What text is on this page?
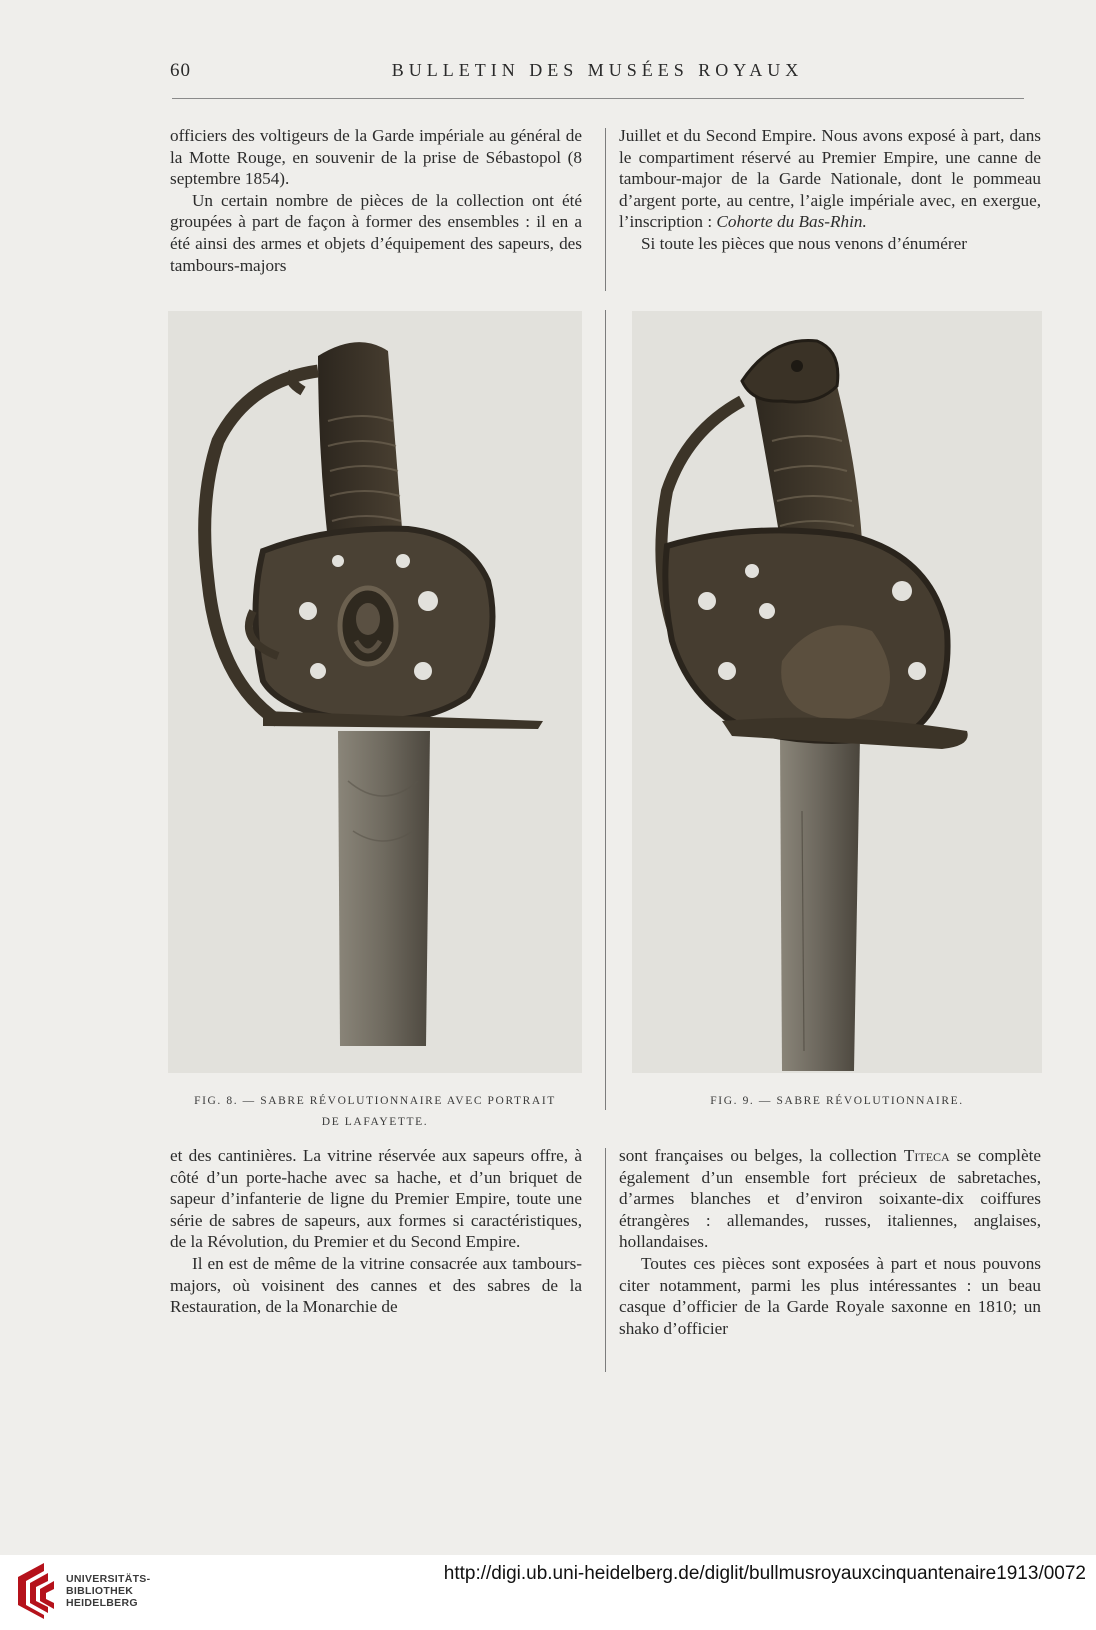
60	BULLETIN DES MUSÉES ROYAUX

officiers des voltigeurs de la Garde impériale au général de la Motte Rouge, en souvenir de la prise de Sébastopol (8 septembre 1854).

Un certain nombre de pièces de la collection ont été groupées à part de façon à former des ensembles : il en a été ainsi des armes et objets d’équipement des sapeurs, des tambours-majors

Juillet et du Second Empire. Nous avons exposé à part, dans le compartiment réservé au Premier Empire, une canne de tambour-major de la Garde Nationale, dont le pommeau d’argent porte, au centre, l’aigle impériale avec, en exergue, l’inscription : Cohorte du Bas-Rhin.

Si toute les pièces que nous venons d’énumérer

FIG. 8. — SABRE RÉVOLUTIONNAIRE AVEC PORTRAIT
DE LAFAYETTE.
FIG. 9. — SABRE RÉVOLUTIONNAIRE.

et des cantinières. La vitrine réservée aux sapeurs offre, à côté d’un porte-hache avec sa hache, et d’un briquet de sapeur d’infanterie de ligne du Premier Empire, toute une série de sabres de sapeurs, aux formes si caractéristiques, de la Révolution, du Premier et du Second Empire.

Il en est de même de la vitrine consacrée aux tambours-majors, où voisinent des cannes et des sabres de la Restauration, de la Monarchie de

sont françaises ou belges, la collection Titeca se complète également d’un ensemble fort précieux de sabretaches, d’armes blanches et d’environ soixante-dix coiffures étrangères : allemandes, russes, italiennes, anglaises, hollandaises.

Toutes ces pièces sont exposées à part et nous pouvons citer notamment, parmi les plus intéressantes : un beau casque d’officier de la Garde Royale saxonne en 1810; un shako d’officier

UNIVERSITÄTS-
BIBLIOTHEK
HEIDELBERG
http://digi.ub.uni-heidelberg.de/diglit/bullmusroyauxcinquantenaire1913/0072
